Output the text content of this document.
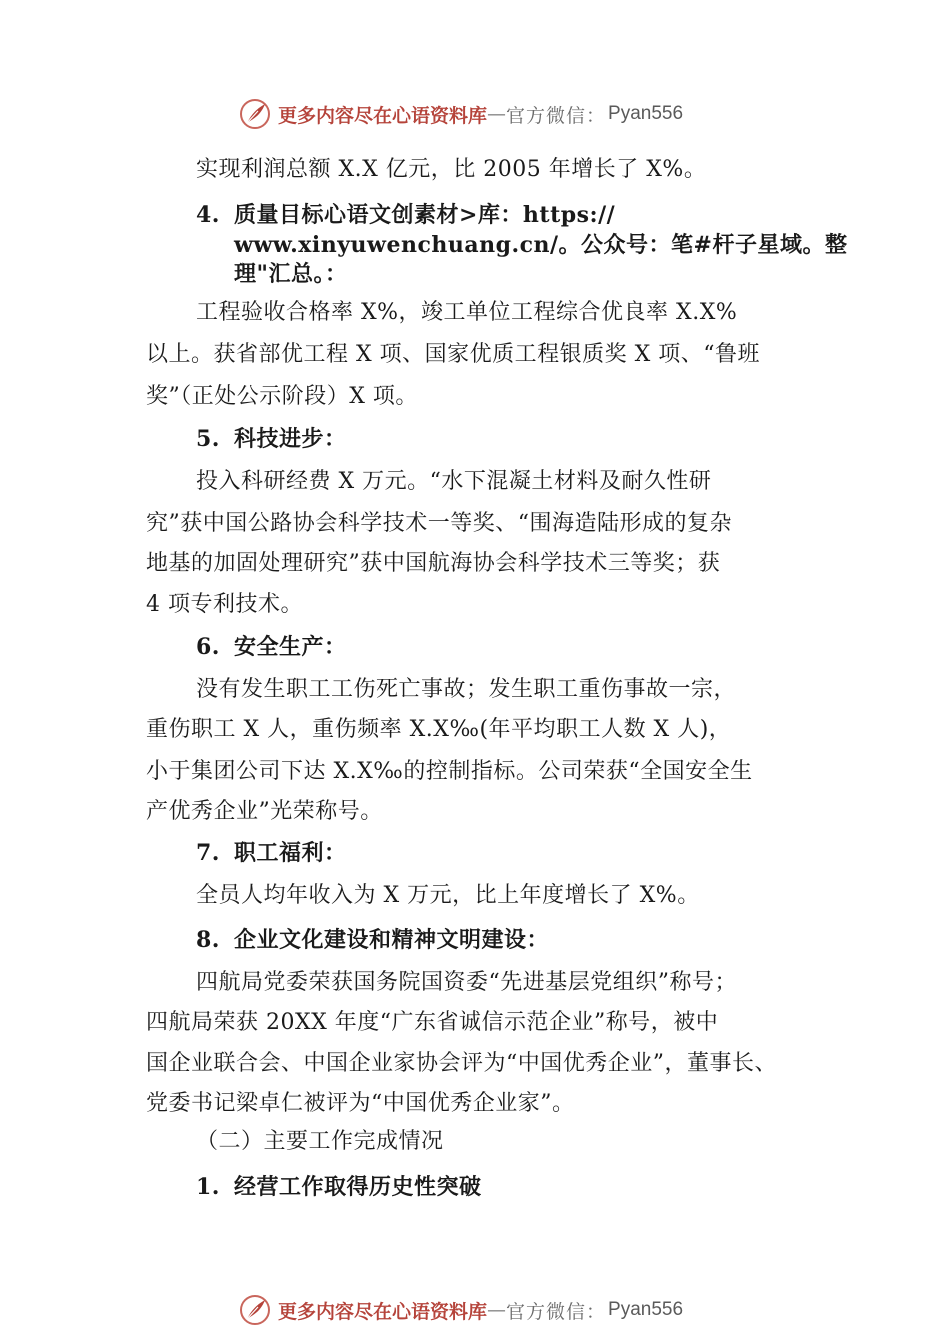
更多内容尽在心语资料库 — 官方微信： Pyan556
实现利润总额 X.X 亿元，比 2005 年增长了 X%。
4. 质量目标心语文创素材>库：https://
www.xinyuwenchuang.cn/。公众号：笔#杆子星域。整
理"汇总。：
工程验收合格率 X%，竣工单位工程综合优良率 X.X%
以上。获省部优工程 X 项、国家优质工程银质奖 X 项、“鲁班
奖”（正处公示阶段）X 项。
5. 科技进步：
投入科研经费 X 万元。“水下混凝土材料及耐久性研
究”获中国公路协会科学技术一等奖、“围海造陆形成的复杂
地基的加固处理研究”获中国航海协会科学技术三等奖；获
4 项专利技术。
6. 安全生产：
没有发生职工工伤死亡事故；发生职工重伤事故一宗，
重伤职工 X 人，重伤频率 X.X‰(年平均职工人数 X 人)，
小于集团公司下达 X.X‰的控制指标。公司荣获“全国安全生
产优秀企业”光荣称号。
7. 职工福利：
全员人均年收入为 X 万元，比上年度增长了 X%。
8. 企业文化建设和精神文明建设：
四航局党委荣获国务院国资委“先进基层党组织”称号；
四航局荣获 20XX 年度“广东省诚信示范企业”称号，被中
国企业联合会、中国企业家协会评为“中国优秀企业”，董事长、
党委书记梁卓仁被评为“中国优秀企业家”。
（二）主要工作完成情况
1. 经营工作取得历史性突破
更多内容尽在心语资料库 — 官方微信： Pyan556
